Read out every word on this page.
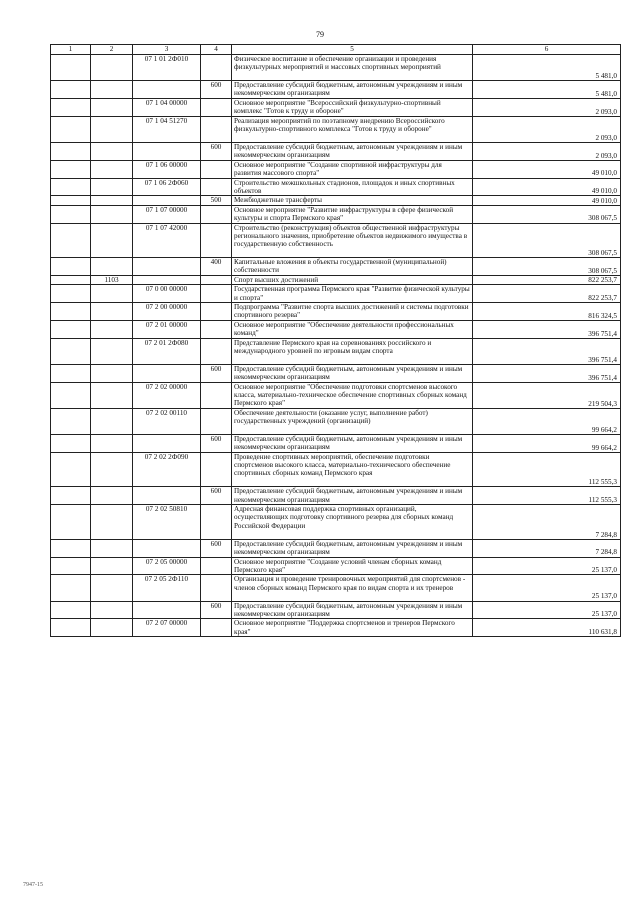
79
1	2	3	4	5	6
		07 1 01 2Ф010		Физическое воспитание и обеспечение организации и проведения физкультурных мероприятий и массовых спортивных мероприятий	5 481,0
			600	Предоставление субсидий бюджетным, автономным учреждениям и иным некоммерческим организациям	5 481,0
		07 1 04 00000		Основное мероприятие "Всероссийский физкультурно-спортивный комплекс "Готов к труду и обороне"	2 093,0
		07 1 04 51270		Реализация мероприятий по поэтапному внедрению Всероссийского физкультурно-спортивного комплекса "Готов к труду и обороне"	2 093,0
			600	Предоставление субсидий бюджетным, автономным учреждениям и иным некоммерческим организациям	2 093,0
		07 1 06 00000		Основное мероприятие "Создание спортивной инфраструктуры для развития массового спорта"	49 010,0
		07 1 06 2Ф060		Строительство межшкольных стадионов, площадок и иных спортивных объектов	49 010,0
			500	Межбюджетные трансферты	49 010,0
		07 1 07 00000		Основное мероприятие "Развитие инфраструктуры в сфере физической культуры и спорта Пермского края"	308 067,5
		07 1 07 42000		Строительство (реконструкция) объектов общественной инфраструктуры регионального значения, приобретение объектов недвижимого имущества в государственную собственность	308 067,5
			400	Капитальные вложения в объекты государственной (муниципальной) собственности	308 067,5
	1103			Спорт высших достижений	822 253,7
		07 0 00 00000		Государственная программа Пермского края "Развитие физической культуры и спорта"	822 253,7
		07 2 00 00000		Подпрограмма "Развитие спорта высших достижений и системы подготовки спортивного резерва"	816 324,5
		07 2 01 00000		Основное мероприятие "Обеспечение деятельности профессиональных команд"	396 751,4
		07 2 01 2Ф080		Представление Пермского края на соревнованиях российского и международного уровней по игровым видам спорта	396 751,4
			600	Предоставление субсидий бюджетным, автономным учреждениям и иным некоммерческим организациям	396 751,4
		07 2 02 00000		Основное мероприятие "Обеспечение подготовки спортсменов высокого класса, материально-техническое обеспечение спортивных сборных команд Пермского края"	219 504,3
		07 2 02 00110		Обеспечение деятельности (оказание услуг, выполнение работ) государственных учреждений (организаций)	99 664,2
			600	Предоставление субсидий бюджетным, автономным учреждениям и иным некоммерческим организациям	99 664,2
		07 2 02 2Ф090		Проведение спортивных мероприятий, обеспечение подготовки спортсменов высокого класса, материально-технического обеспечение спортивных сборных команд Пермского края	112 555,3
			600	Предоставление субсидий бюджетным, автономным учреждениям и иным некоммерческим организациям	112 555,3
		07 2 02 50810		Адресная финансовая поддержка спортивных организаций, осуществляющих подготовку спортивного резерва для сборных команд Российской Федерации	7 284,8
			600	Предоставление субсидий бюджетным, автономным учреждениям и иным некоммерческим организациям	7 284,8
		07 2 05 00000		Основное мероприятие "Создание условий членам сборных команд Пермского края"	25 137,0
		07 2 05 2Ф110		Организация и проведение тренировочных мероприятий для спортсменов - членов сборных команд Пермского края по видам спорта и их тренеров	25 137,0
			600	Предоставление субсидий бюджетным, автономным учреждениям и иным некоммерческим организациям	25 137,0
		07 2 07 00000		Основное мероприятие "Поддержка спортсменов и тренеров Пермского края"	110 631,8
7947-15
